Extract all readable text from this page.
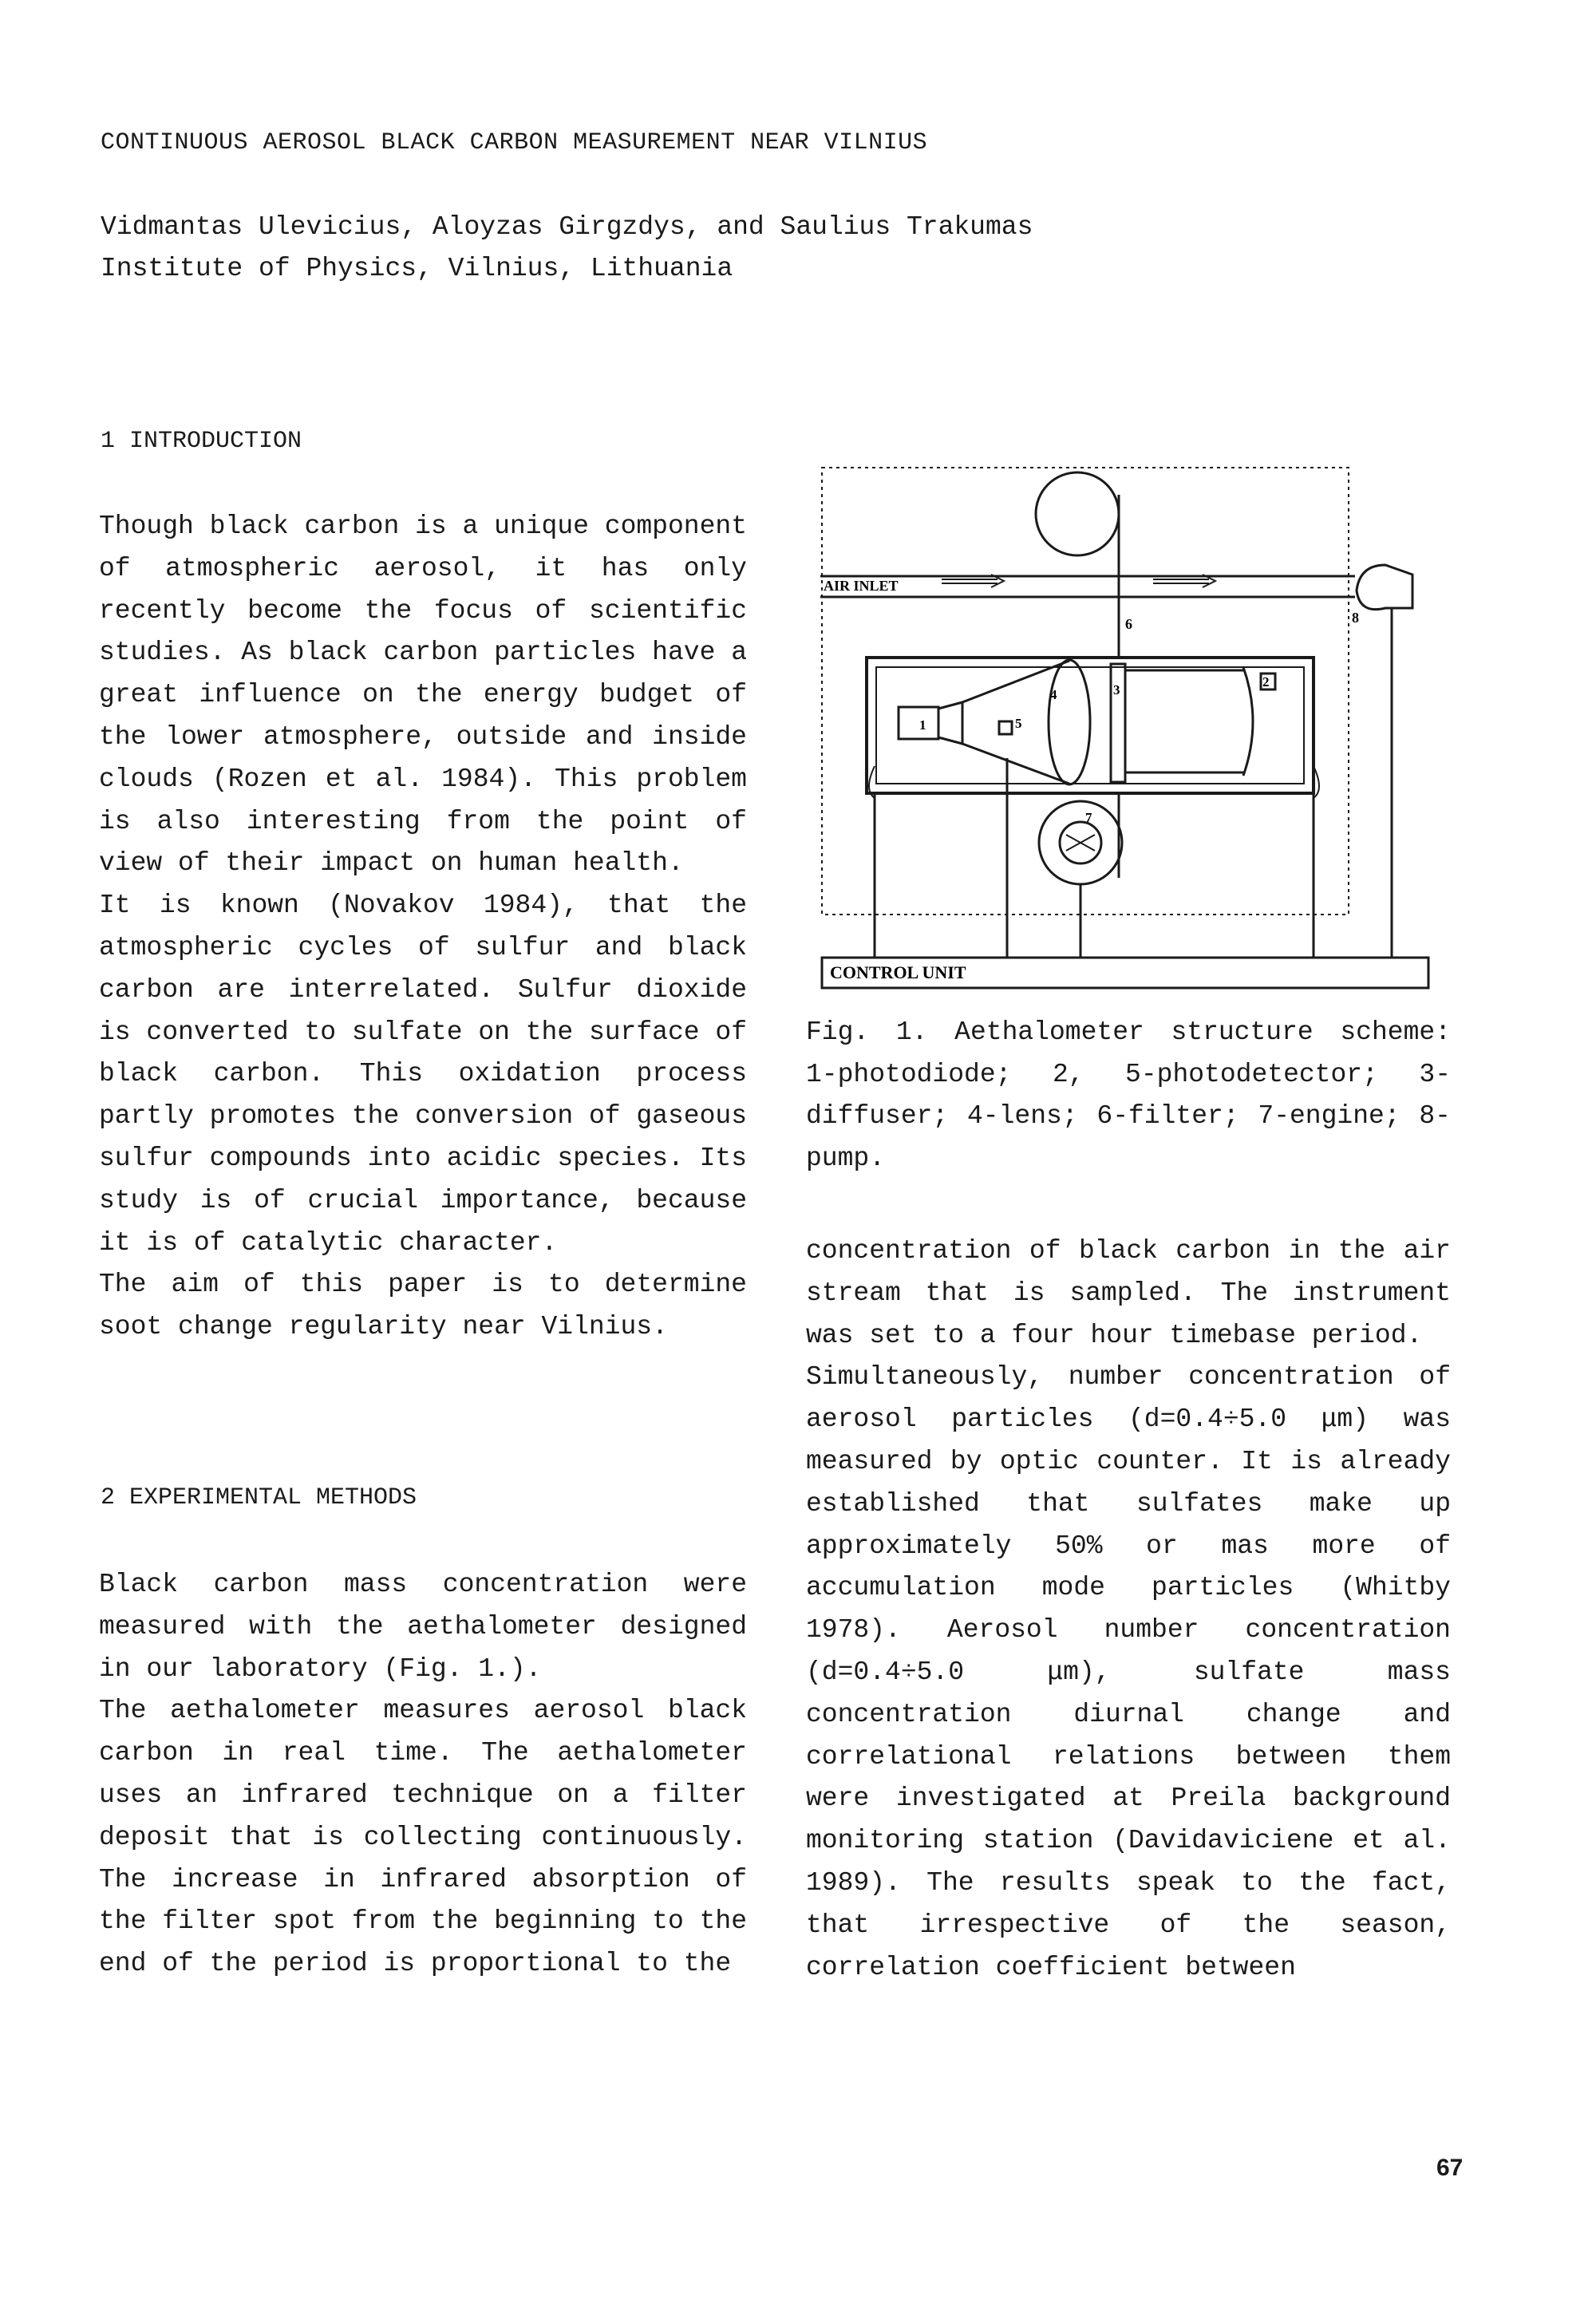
CONTINUOUS AEROSOL BLACK CARBON MEASUREMENT NEAR VILNIUS
Vidmantas Ulevicius, Aloyzas Girgzdys, and Saulius Trakumas
Institute of Physics, Vilnius, Lithuania
1 INTRODUCTION

Though black carbon is a unique component of atmospheric aerosol, it has only recently become the focus of scientific studies. As black carbon particles have a great influence on the energy budget of the lower atmosphere, outside and inside clouds (Rozen et al. 1984). This problem is also interesting from the point of view of their impact on human health.

It is known (Novakov 1984), that the atmospheric cycles of sulfur and black carbon are interrelated. Sulfur dioxide is converted to sulfate on the surface of black carbon. This oxidation process partly promotes the conversion of gaseous sulfur compounds into acidic species. Its study is of crucial importance, because it is of catalytic character.

The aim of this paper is to determine soot change regularity near Vilnius.

2 EXPERIMENTAL METHODS

Black carbon mass concentration were measured with the aethalometer designed in our laboratory (Fig. 1.).

The aethalometer measures aerosol black carbon in real time. The aethalometer uses an infrared technique on a filter deposit that is collecting continuously. The increase in infrared absorption of the filter spot from the beginning to the end of the period is proportional to the

AIR INLET
6	8
1
4	3
2
5
7
CONTROL UNIT

Fig. 1. Aethalometer structure scheme: 1-photodiode; 2, 5-photodetector; 3-diffuser; 4-lens; 6-filter; 7-engine; 8-pump.

concentration of black carbon in the air stream that is sampled. The instrument was set to a four hour timebase period.

Simultaneously, number concentration of aerosol particles (d=0.4÷5.0 μm) was measured by optic counter. It is already established that sulfates make up approximately 50% or mas more of accumulation mode particles (Whitby 1978). Aerosol number concentration (d=0.4÷5.0 μm), sulfate mass concentration diurnal change and correlational relations between them were investigated at Preila background monitoring station (Davidaviciene et al. 1989). The results speak to the fact, that irrespective of the season, correlation coefficient between

67
